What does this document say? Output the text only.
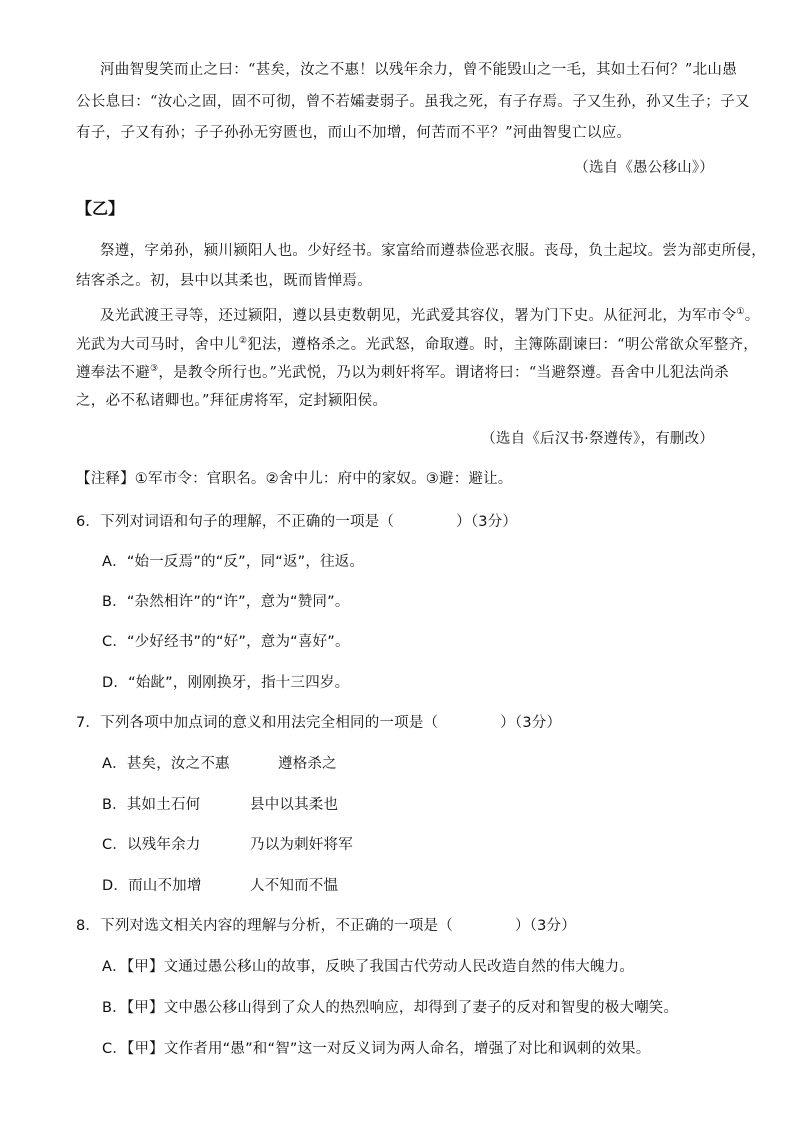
河曲智叟笑而止之曰：“甚矣，汝之不惠！以残年余力，曾不能毁山之一毛，其如土石何？”北山愚
公长息曰：“汝心之固，固不可彻，曾不若孀妻弱子。虽我之死，有子存焉。子又生孙，孙又生子；子又
有子，子又有孙；子子孙孙无穷匮也，而山不加增，何苦而不平？”河曲智叟亡以应。
（选自《愚公移山》）
【乙】
祭遵，字弟孙，颍川颍阳人也。少好经书。家富给而遵恭俭恶衣服。丧母，负土起坟。尝为部吏所侵，
结客杀之。初，县中以其柔也，既而皆惮焉。
及光武渡王寻等，还过颍阳，遵以县吏数朝见，光武爱其容仪，署为门下史。从征河北，为军市令①。
光武为大司马时，舍中儿②犯法，遵格杀之。光武怒，命取遵。时，主簿陈副谏曰：“明公常欲众军整齐，
遵奉法不避③，是教令所行也。”光武悦，乃以为刺奸将军。谓诸将曰：“当避祭遵。吾舍中儿犯法尚杀
之，必不私诸卿也。”拜征虏将军，定封颍阳侯。
（选自《后汉书·祭遵传》，有删改）
【注释】①军市令：官职名。②舍中儿：府中的家奴。③避：避让。
6．下列对词语和句子的理解，不正确的一项是（	）（3分）
A．“始一反焉”的“反”，同“返”，往返。
B．“杂然相许”的“许”，意为“赞同”。
C．“少好经书”的“好”，意为“喜好”。
D．“始龀”，刚刚换牙，指十三四岁。
7．下列各项中加点词的意义和用法完全相同的一项是（	）（3分）
A．甚矣，汝之不惠	遵格杀之
B．其如土石何	县中以其柔也
C．以残年余力	乃以为刺奸将军
D．而山不加增	人不知而不愠
8．下列对选文相关内容的理解与分析，不正确的一项是（	）（3分）
A．【甲】文通过愚公移山的故事，反映了我国古代劳动人民改造自然的伟大魄力。
B．【甲】文中愚公移山得到了众人的热烈响应，却得到了妻子的反对和智叟的极大嘲笑。
C．【甲】文作者用“愚”和“智”这一对反义词为两人命名，增强了对比和讽刺的效果。
